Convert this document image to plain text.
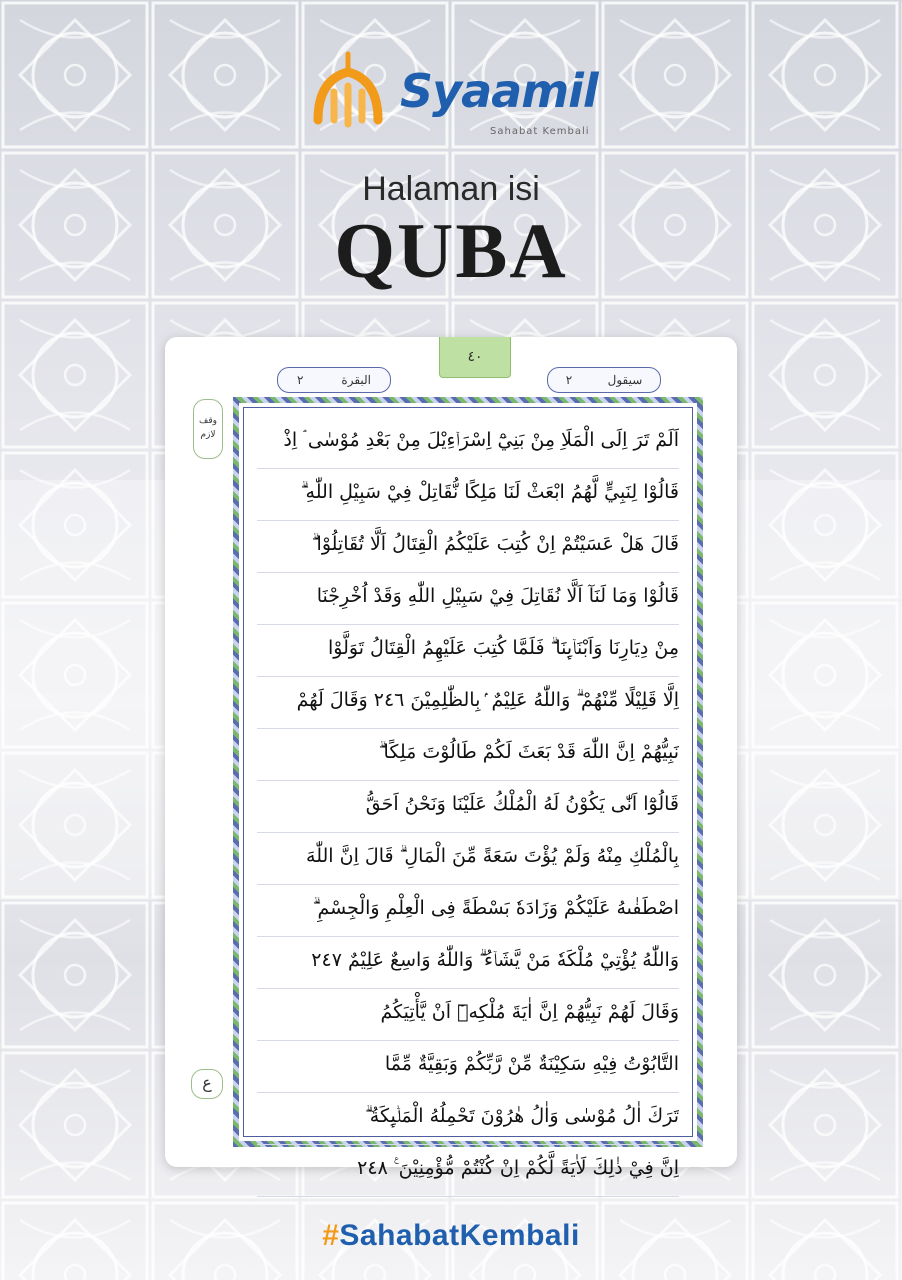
Syaamil
Sahabat Kembali
Halaman isi
QUBA
٤٠
البقرة
٢	سيقول
٢
وقف لازم
ع
اَلَمْ تَرَ اِلَى الْمَلَاِ مِنْ بَنِيْٓ اِسْرَاۤءِيْلَ مِنْ بَعْدِ مُوْسٰى ۘ اِذْ
قَالُوْا لِنَبِيٍّ لَّهُمُ ابْعَثْ لَنَا مَلِكًا نُّقَاتِلْ فِيْ سَبِيْلِ اللّٰهِ ۗ
قَالَ هَلْ عَسَيْتُمْ اِنْ كُتِبَ عَلَيْكُمُ الْقِتَالُ اَلَّا تُقَاتِلُوْا ۗ
قَالُوْا وَمَا لَنَآ اَلَّا نُقَاتِلَ فِيْ سَبِيْلِ اللّٰهِ وَقَدْ اُخْرِجْنَا
مِنْ دِيَارِنَا وَاَبْنَاۤىِٕنَا ۗ فَلَمَّا كُتِبَ عَلَيْهِمُ الْقِتَالُ تَوَلَّوْا
اِلَّا قَلِيْلًا مِّنْهُمْ ۗ وَاللّٰهُ عَلِيْمٌ ۢبِالظّٰلِمِيْنَ ٢٤٦ وَقَالَ لَهُمْ
نَبِيُّهُمْ اِنَّ اللّٰهَ قَدْ بَعَثَ لَكُمْ طَالُوْتَ مَلِكًا ۗ
قَالُوْٓا اَنّٰى يَكُوْنُ لَهُ الْمُلْكُ عَلَيْنَا وَنَحْنُ اَحَقُّ
بِالْمُلْكِ مِنْهُ وَلَمْ يُؤْتَ سَعَةً مِّنَ الْمَالِ ۗ قَالَ اِنَّ اللّٰهَ
اصْطَفٰىهُ عَلَيْكُمْ وَزَادَهٗ بَسْطَةً فِى الْعِلْمِ وَالْجِسْمِ ۗ
وَاللّٰهُ يُؤْتِيْ مُلْكَهٗ مَنْ يَّشَاۤءُ ۗ وَاللّٰهُ وَاسِعٌ عَلِيْمٌ ٢٤٧
وَقَالَ لَهُمْ نَبِيُّهُمْ اِنَّ اٰيَةَ مُلْكِهٖٓ اَنْ يَّأْتِيَكُمُ
التَّابُوْتُ فِيْهِ سَكِيْنَةٌ مِّنْ رَّبِّكُمْ وَبَقِيَّةٌ مِّمَّا
تَرَكَ اٰلُ مُوْسٰى وَاٰلُ هٰرُوْنَ تَحْمِلُهُ الْمَلٰۤىِٕكَةُ ۗ
اِنَّ فِيْ ذٰلِكَ لَاٰيَةً لَّكُمْ اِنْ كُنْتُمْ مُّؤْمِنِيْنَ ࣖ ٢٤٨
#SahabatKembali
